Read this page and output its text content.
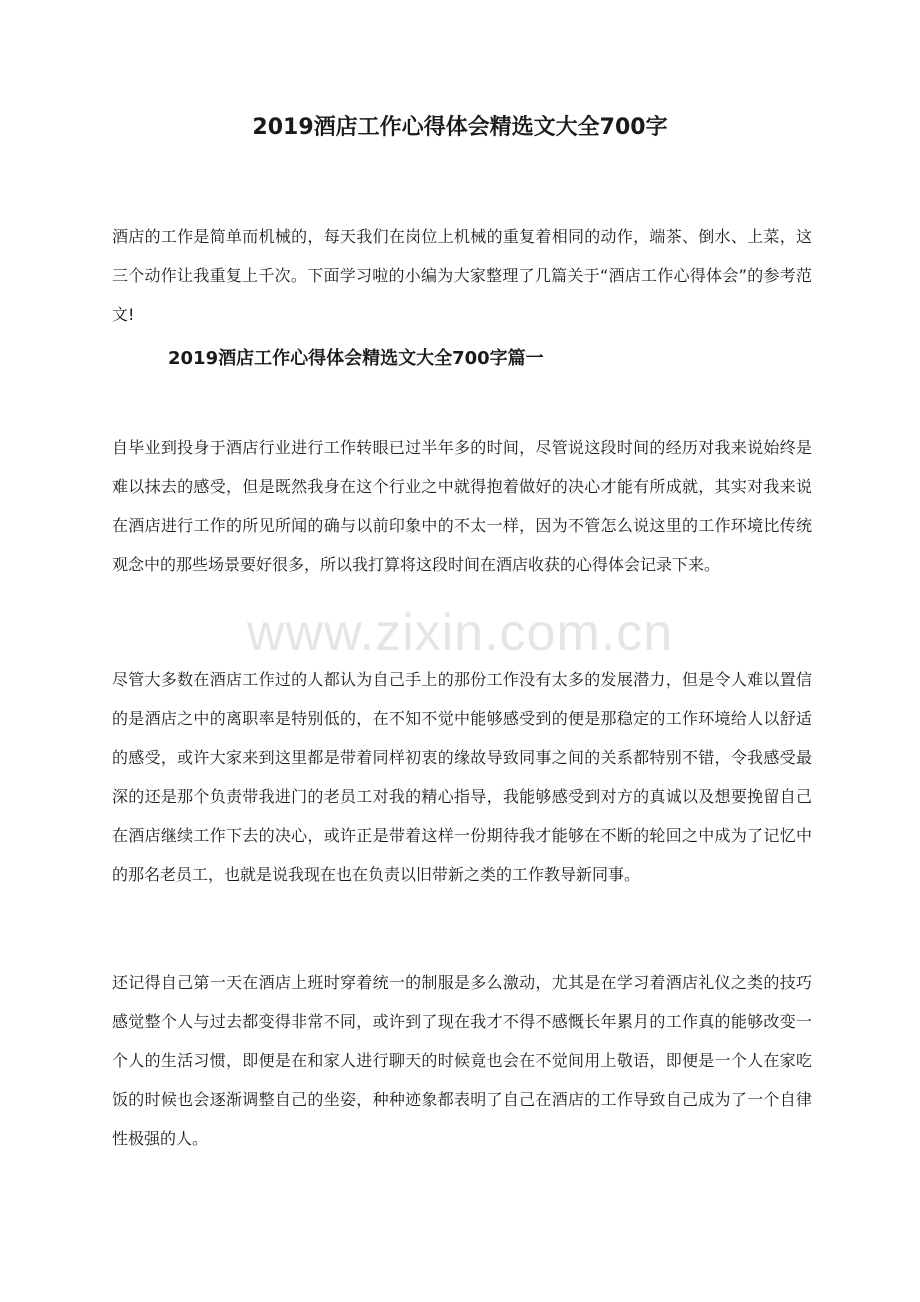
2019酒店工作心得体会精选文大全700字

酒店的工作是简单而机械的，每天我们在岗位上机械的重复着相同的动作，端茶、倒水、上菜，这三个动作让我重复上千次。下面学习啦的小编为大家整理了几篇关于“酒店工作心得体会”的参考范文!

2019酒店工作心得体会精选文大全700字篇一

自毕业到投身于酒店行业进行工作转眼已过半年多的时间，尽管说这段时间的经历对我来说始终是难以抹去的感受，但是既然我身在这个行业之中就得抱着做好的决心才能有所成就，其实对我来说在酒店进行工作的所见所闻的确与以前印象中的不太一样，因为不管怎么说这里的工作环境比传统观念中的那些场景要好很多，所以我打算将这段时间在酒店收获的心得体会记录下来。

www.zixin.com.cn

尽管大多数在酒店工作过的人都认为自己手上的那份工作没有太多的发展潜力，但是令人难以置信的是酒店之中的离职率是特别低的，在不知不觉中能够感受到的便是那稳定的工作环境给人以舒适的感受，或许大家来到这里都是带着同样初衷的缘故导致同事之间的关系都特别不错，令我感受最深的还是那个负责带我进门的老员工对我的精心指导，我能够感受到对方的真诚以及想要挽留自己在酒店继续工作下去的决心，或许正是带着这样一份期待我才能够在不断的轮回之中成为了记忆中的那名老员工，也就是说我现在也在负责以旧带新之类的工作教导新同事。

还记得自己第一天在酒店上班时穿着统一的制服是多么激动，尤其是在学习着酒店礼仪之类的技巧感觉整个人与过去都变得非常不同，或许到了现在我才不得不感慨长年累月的工作真的能够改变一个人的生活习惯，即便是在和家人进行聊天的时候竟也会在不觉间用上敬语，即便是一个人在家吃饭的时候也会逐渐调整自己的坐姿，种种迹象都表明了自己在酒店的工作导致自己成为了一个自律性极强的人。
